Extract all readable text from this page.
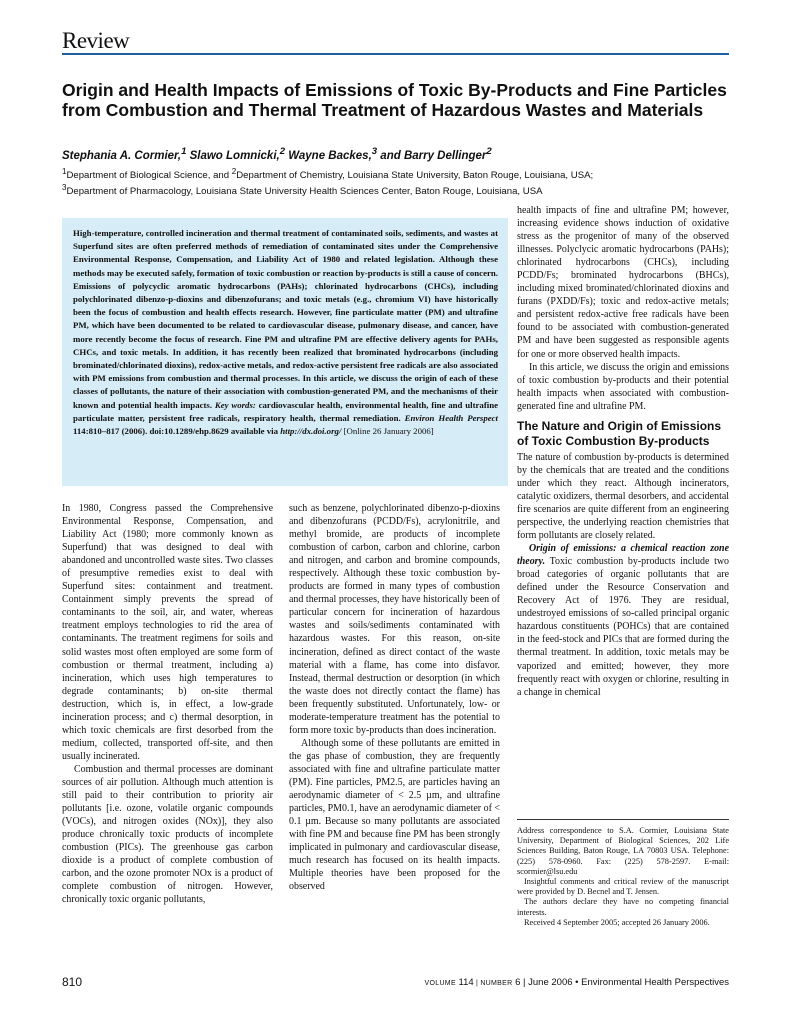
Review
Origin and Health Impacts of Emissions of Toxic By-Products and Fine Particles from Combustion and Thermal Treatment of Hazardous Wastes and Materials
Stephania A. Cormier,$^1$ Slawo Lomnicki,$^2$ Wayne Backes,$^3$ and Barry Dellinger$^2$

$^1$Department of Biological Science, and $^2$Department of Chemistry, Louisiana State University, Baton Rouge, Louisiana, USA;

$^3$Department of Pharmacology, Louisiana State University Health Sciences Center, Baton Rouge, Louisiana, USA

High-temperature, controlled incineration and thermal treatment of contaminated soils, sediments, and wastes at Superfund sites are often preferred methods of remediation of contaminated sites under the Comprehensive Environmental Response, Compensation, and Liability Act of 1980 and related legislation. Although these methods may be executed safely, formation of toxic combustion or reaction by-products is still a cause of concern. Emissions of polycyclic aromatic hydrocarbons (PAHs); chlorinated hydrocarbons (CHCs), including polychlorinated dibenzo-p-dioxins and dibenzofurans; and toxic metals (e.g., chromium VI) have historically been the focus of combustion and health effects research. However, fine particulate matter (PM) and ultrafine PM, which have been documented to be related to cardiovascular disease, pulmonary disease, and cancer, have more recently become the focus of research. Fine PM and ultrafine PM are effective delivery agents for PAHs, CHCs, and toxic metals. In addition, it has recently been realized that brominated hydrocarbons (including brominated/chlorinated dioxins), redox-active metals, and redox-active persistent free radicals are also associated with PM emissions from combustion and thermal processes. In this article, we discuss the origin of each of these classes of pollutants, the nature of their association with combustion-generated PM, and the mechanisms of their known and potential health impacts. Key words: cardiovascular health, environmental health, fine and ultrafine particulate matter, persistent free radicals, respiratory health, thermal remediation. Environ Health Perspect 114:810–817 (2006). doi:10.1289/ehp.8629 available via http://dx.doi.org/ [Online 26 January 2006]

In 1980, Congress passed the Comprehensive Environmental Response, Compensation, and Liability Act (1980; more commonly known as Superfund) that was designed to deal with abandoned and uncontrolled waste sites. Two classes of presumptive remedies exist to deal with Superfund sites: containment and treatment. Containment simply prevents the spread of contaminants to the soil, air, and water, whereas treatment employs technologies to rid the area of contaminants. The treatment regimens for soils and solid wastes most often employed are some form of combustion or thermal treatment, including a) incineration, which uses high temperatures to degrade contaminants; b) on-site thermal destruction, which is, in effect, a low-grade incineration process; and c) thermal desorption, in which toxic chemicals are first desorbed from the medium, collected, transported off-site, and then usually incinerated.

Combustion and thermal processes are dominant sources of air pollution. Although much attention is still paid to their contribution to priority air pollutants [i.e. ozone, volatile organic compounds (VOCs), and nitrogen oxides (NOx)], they also produce chronically toxic products of incomplete combustion (PICs). The greenhouse gas carbon dioxide is a product of complete combustion of carbon, and the ozone promoter NOx is a product of complete combustion of nitrogen. However, chronically toxic organic pollutants,

such as benzene, polychlorinated dibenzo-p-dioxins and dibenzofurans (PCDD/Fs), acrylonitrile, and methyl bromide, are products of incomplete combustion of carbon, carbon and chlorine, carbon and nitrogen, and carbon and bromine compounds, respectively. Although these toxic combustion by-products are formed in many types of combustion and thermal processes, they have historically been of particular concern for incineration of hazardous wastes and soils/sediments contaminated with hazardous wastes. For this reason, on-site incineration, defined as direct contact of the waste material with a flame, has come into disfavor. Instead, thermal destruction or desorption (in which the waste does not directly contact the flame) has been frequently substituted. Unfortunately, low- or moderate-temperature treatment has the potential to form more toxic by-products than does incineration.

Although some of these pollutants are emitted in the gas phase of combustion, they are frequently associated with fine and ultrafine particulate matter (PM). Fine particles, PM2.5, are particles having an aerodynamic diameter of < 2.5 µm, and ultrafine particles, PM0.1, have an aerodynamic diameter of < 0.1 µm. Because so many pollutants are associated with fine PM and because fine PM has been strongly implicated in pulmonary and cardiovascular disease, much research has focused on its health impacts. Multiple theories have been proposed for the observed

health impacts of fine and ultrafine PM; however, increasing evidence shows induction of oxidative stress as the progenitor of many of the observed illnesses. Polyclycic aromatic hydrocarbons (PAHs); chlorinated hydrocarbons (CHCs), including PCDD/Fs; brominated hydrocarbons (BHCs), including mixed brominated/chlorinated dioxins and furans (PXDD/Fs); toxic and redox-active metals; and persistent redox-active free radicals have been found to be associated with combustion-generated PM and have been suggested as responsible agents for one or more observed health impacts.

In this article, we discuss the origin and emissions of toxic combustion by-products and their potential health impacts when associated with combustion-generated fine and ultrafine PM.

The Nature and Origin of Emissions of Toxic Combustion By-products

The nature of combustion by-products is determined by the chemicals that are treated and the conditions under which they react. Although incinerators, catalytic oxidizers, thermal desorbers, and accidental fire scenarios are quite different from an engineering perspective, the underlying reaction chemistries that form pollutants are closely related.

Origin of emissions: a chemical reaction zone theory. Toxic combustion by-products include two broad categories of organic pollutants that are defined under the Resource Conservation and Recovery Act of 1976. They are residual, undestroyed emissions of so-called principal organic hazardous constituents (POHCs) that are contained in the feed-stock and PICs that are formed during the thermal treatment. In addition, toxic metals may be vaporized and emitted; however, they more frequently react with oxygen or chlorine, resulting in a change in chemical

Address correspondence to S.A. Cormier, Louisiana State University, Department of Biological Sciences, 202 Life Sciences Building, Baton Rouge, LA 70803 USA. Telephone: (225) 578-0960. Fax: (225) 578-2597. E-mail: scormier@lsu.edu

Insightful comments and critical review of the manuscript were provided by D. Becnel and T. Jensen.

The authors declare they have no competing financial interests.

Received 4 September 2005; accepted 26 January 2006.

810	VOLUME 114 | NUMBER 6 | June 2006 • Environmental Health Perspectives
